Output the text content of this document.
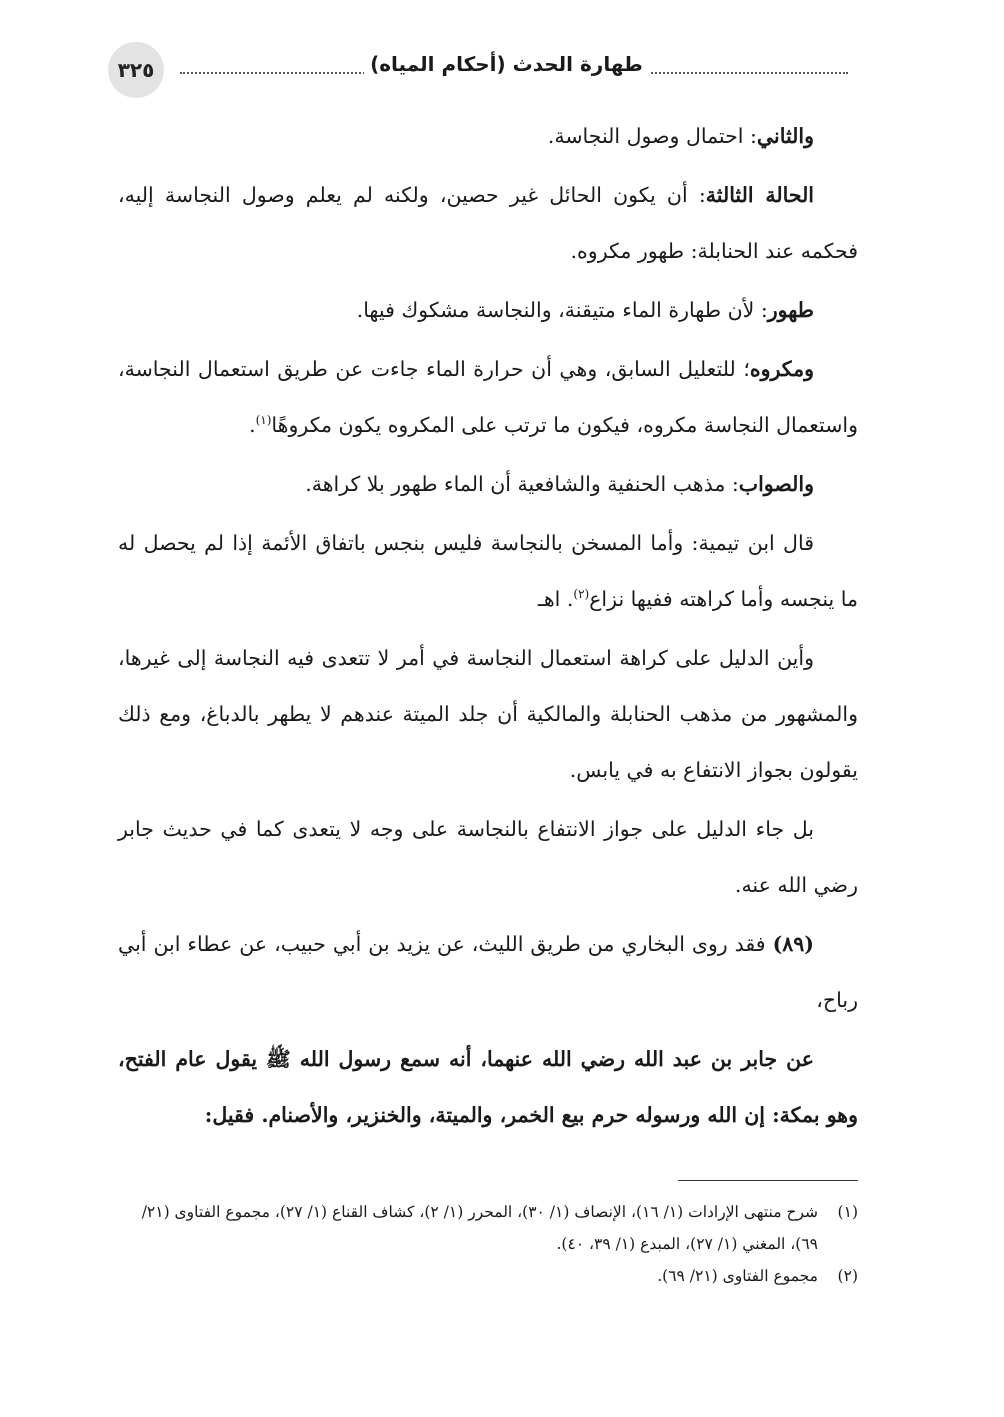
٣٢٥	طهارة الحدث (أحكام المياه)

والثاني: احتمال وصول النجاسة.

الحالة الثالثة: أن يكون الحائل غير حصين، ولكنه لم يعلم وصول النجاسة إليه، فحكمه عند الحنابلة: طهور مكروه.

طهور: لأن طهارة الماء متيقنة، والنجاسة مشكوك فيها.

ومكروه؛ للتعليل السابق، وهي أن حرارة الماء جاءت عن طريق استعمال النجاسة، واستعمال النجاسة مكروه، فيكون ما ترتب على المكروه يكون مكروهًا$^{(١)}$.

والصواب: مذهب الحنفية والشافعية أن الماء طهور بلا كراهة.

قال ابن تيمية: وأما المسخن بالنجاسة فليس بنجس باتفاق الأئمة إذا لم يحصل له ما ينجسه وأما كراهته ففيها نزاع$^{(٢)}$. اهـ

وأين الدليل على كراهة استعمال النجاسة في أمر لا تتعدى فيه النجاسة إلى غيرها، والمشهور من مذهب الحنابلة والمالكية أن جلد الميتة عندهم لا يطهر بالدباغ، ومع ذلك يقولون بجواز الانتفاع به في يابس.

بل جاء الدليل على جواز الانتفاع بالنجاسة على وجه لا يتعدى كما في حديث جابر رضي الله عنه.

(٨٩) فقد روى البخاري من طريق الليث، عن يزيد بن أبي حبيب، عن عطاء ابن أبي رباح،

عن جابر بن عبد الله رضي الله عنهما، أنه سمع رسول الله ﷺ يقول عام الفتح، وهو بمكة: إن الله ورسوله حرم بيع الخمر، والميتة، والخنزير، والأصنام. فقيل:

(١)
شرح منتهى الإرادات (١/ ١٦)، الإنصاف (١/ ٣٠)، المحرر (١/ ٢)، كشاف القناع (١/ ٢٧)، مجموع الفتاوى (٢١/ ٦٩)، المغني (١/ ٢٧)، المبدع (١/ ٣٩، ٤٠).

(٢)
مجموع الفتاوى (٢١/ ٦٩).
